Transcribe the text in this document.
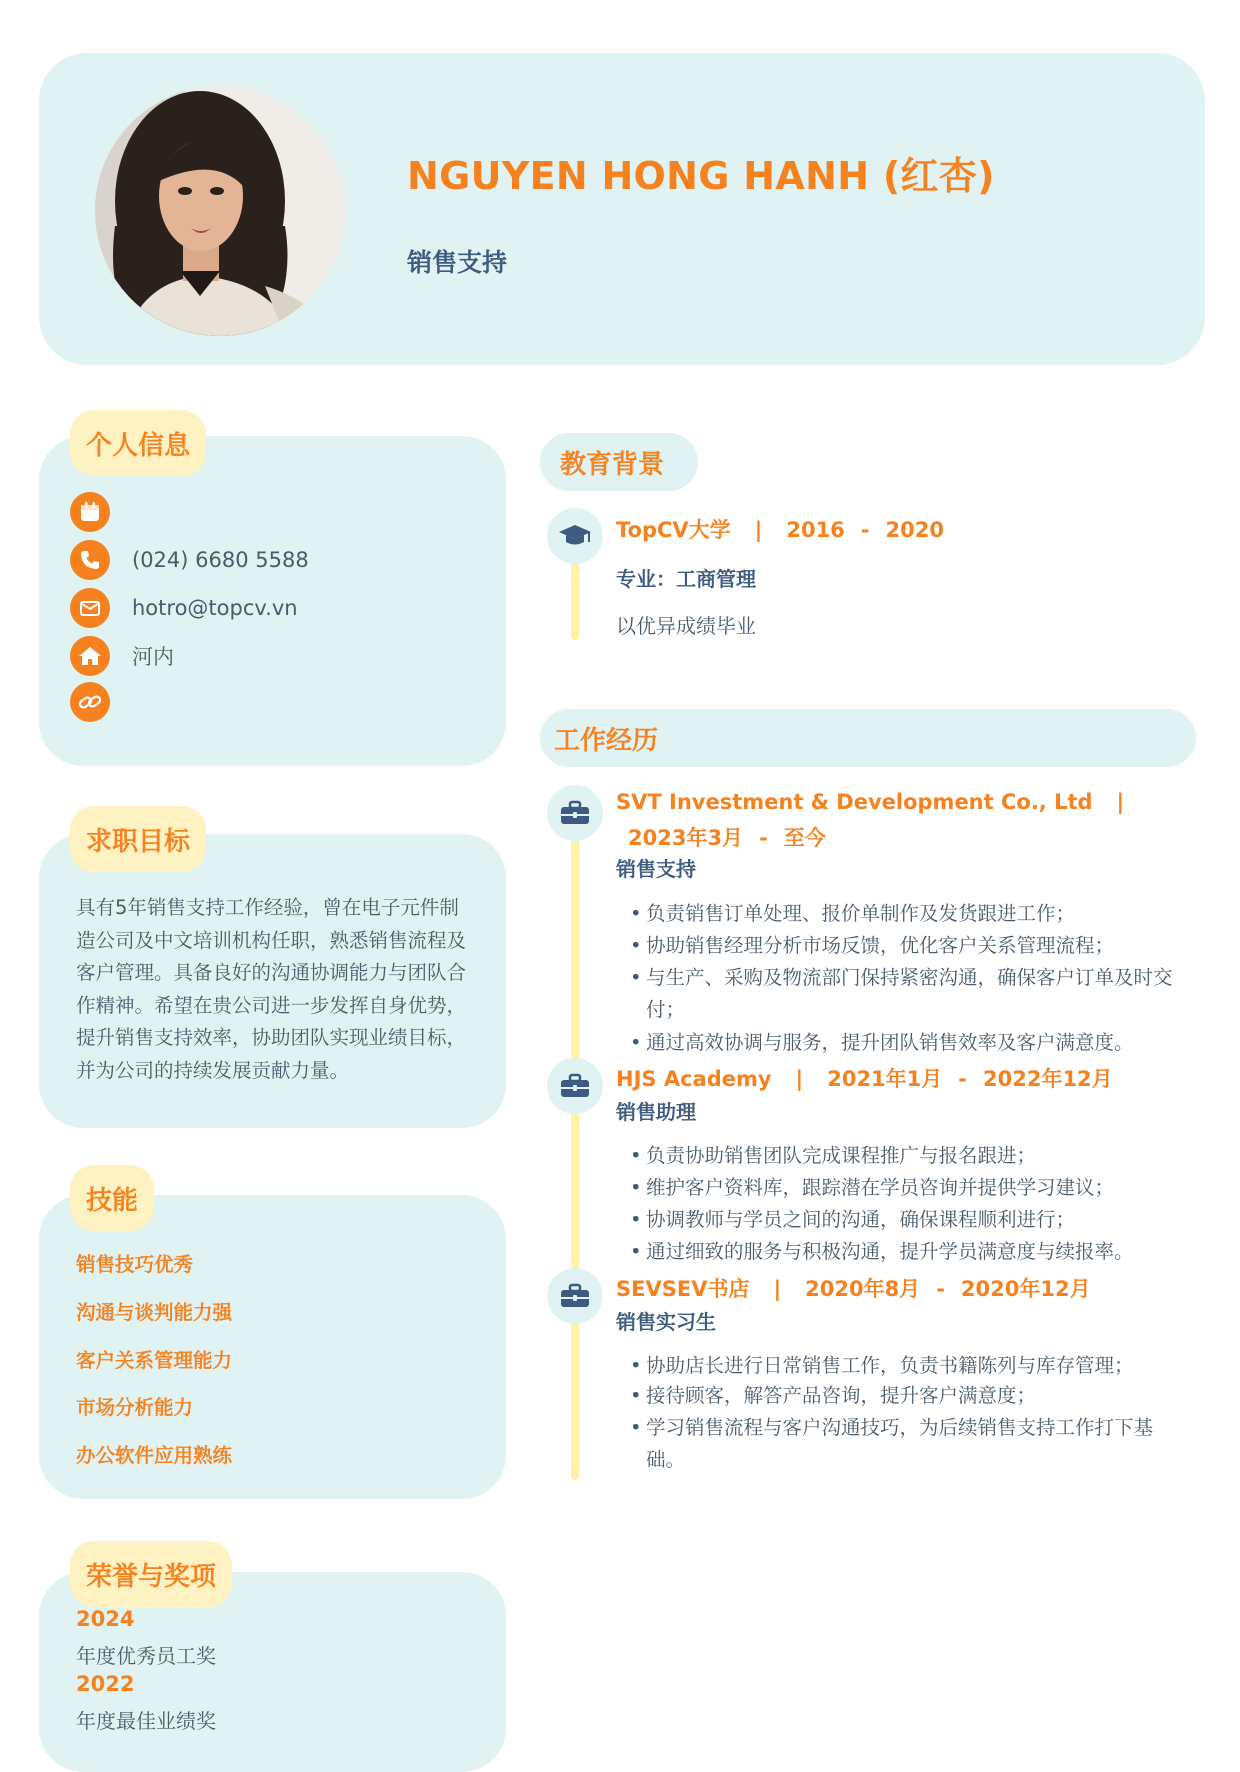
NGUYEN HONG HANH (红杏)
销售支持
个人信息
(024) 6680 5588
hotro@topcv.vn
河内
求职目标
具有5年销售支持工作经验，曾在电子元件制造公司及中文培训机构任职，熟悉销售流程及客户管理。具备良好的沟通协调能力与团队合作精神。希望在贵公司进一步发挥自身优势，提升销售支持效率，协助团队实现业绩目标，并为公司的持续发展贡献力量。
技能
销售技巧优秀
沟通与谈判能力强
客户关系管理能力
市场分析能力
办公软件应用熟练
荣誉与奖项
2024
年度优秀员工奖
2022
年度最佳业绩奖
教育背景
TopCV大学 | 2016 - 2020
专业：工商管理
以优异成绩毕业
工作经历
SVT Investment & Development Co., Ltd |
2023年3月 - 至今
销售支持
• 负责销售订单处理、报价单制作及发货跟进工作；
• 协助销售经理分析市场反馈，优化客户关系管理流程；
• 与生产、采购及物流部门保持紧密沟通，确保客户订单及时交付；
• 通过高效协调与服务，提升团队销售效率及客户满意度。
HJS Academy | 2021年1月 - 2022年12月
销售助理
• 负责协助销售团队完成课程推广与报名跟进；
• 维护客户资料库，跟踪潜在学员咨询并提供学习建议；
• 协调教师与学员之间的沟通，确保课程顺利进行；
• 通过细致的服务与积极沟通，提升学员满意度与续报率。
SEVSEV书店 | 2020年8月 - 2020年12月
销售实习生
• 协助店长进行日常销售工作，负责书籍陈列与库存管理；
• 接待顾客，解答产品咨询，提升客户满意度；
• 学习销售流程与客户沟通技巧，为后续销售支持工作打下基础。
